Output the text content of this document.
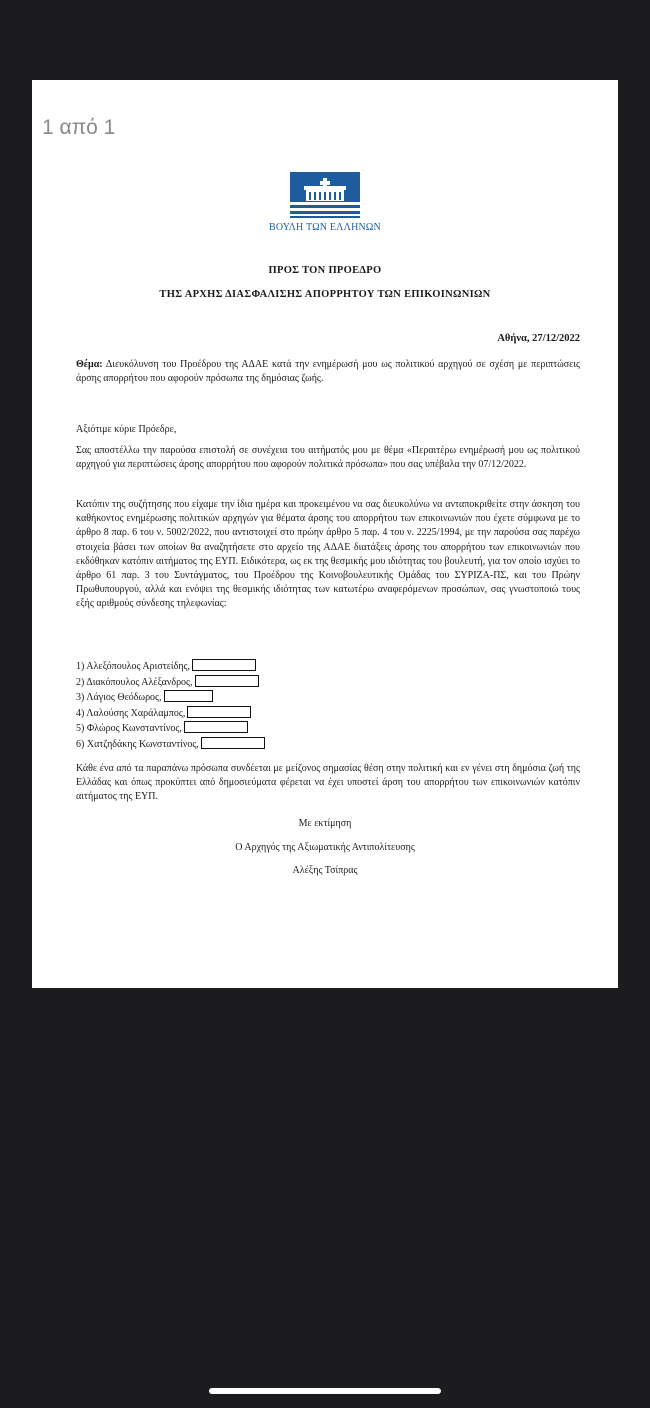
1 από 1
ΒΟΥΛΗ ΤΩΝ ΕΛΛΗΝΩΝ
ΠΡΟΣ ΤΟΝ ΠΡΟΕΔΡΟ
ΤΗΣ ΑΡΧΗΣ ΔΙΑΣΦΑΛΙΣΗΣ ΑΠΟΡΡΗΤΟΥ ΤΩΝ ΕΠΙΚΟΙΝΩΝΙΩΝ
Αθήνα, 27/12/2022
Θέμα: Διευκόλυνση του Προέδρου της ΑΔΑΕ κατά την ενημέρωσή μου ως πολιτικού αρχηγού σε σχέση με περιπτώσεις άρσης απορρήτου που αφορούν πρόσωπα της δημόσιας ζωής.
Αξιότιμε κύριε Πρόεδρε,
Σας αποστέλλω την παρούσα επιστολή σε συνέχεια του αιτήματός μου με θέμα «Περαιτέρω ενημέρωσή μου ως πολιτικού αρχηγού για περιπτώσεις άρσης απορρήτου που αφορούν πολιτικά πρόσωπα» που σας υπέβαλα την 07/12/2022.
Κατόπιν της συζήτησης που είχαμε την ίδια ημέρα και προκειμένου να σας διευκολύνω να ανταποκριθείτε στην άσκηση του καθήκοντος ενημέρωσης πολιτικών αρχηγών για θέματα άρσης του απορρήτου των επικοινωνιών που έχετε σύμφωνα με το άρθρο 8 παρ. 6 του ν. 5002/2022, που αντιστοιχεί στο πρώην άρθρο 5 παρ. 4 του ν. 2225/1994, με την παρούσα σας παρέχω στοιχεία βάσει των οποίων θα αναζητήσετε στο αρχείο της ΑΔΑΕ διατάξεις άρσης του απορρήτου των επικοινωνιών που εκδόθηκαν κατόπιν αιτήματος της ΕΥΠ. Ειδικότερα, ως εκ της θεσμικής μου ιδιότητας του βουλευτή, για τον οποίο ισχύει το άρθρο 61 παρ. 3 του Συντάγματος, του Προέδρου της Κοινοβουλευτικής Ομάδας του ΣΥΡΙΖΑ-ΠΣ, και του Πρώην Πρωθυπουργού, αλλά και ενόψει της θεσμικής ιδιότητας των κατωτέρω αναφερόμενων προσώπων, σας γνωστοποιώ τους εξής αριθμούς σύνδεσης τηλεφωνίας:
1) Αλεξόπουλος Αριστείδης,
2) Διακόπουλος Αλέξανδρος,
3) Λάγιος Θεόδωρος,
4) Λαλούσης Χαράλαμπος,
5) Φλώρος Κωνσταντίνος,
6) Χατζηδάκης Κωνσταντίνος,
Κάθε ένα από τα παραπάνω πρόσωπα συνδέεται με μείζονος σημασίας θέση στην πολιτική και εν γένει στη δημόσια ζωή της Ελλάδας και όπως προκύπτει από δημοσιεύματα φέρεται να έχει υποστεί άρση του απορρήτου των επικοινωνιών κατόπιν αιτήματος της ΕΥΠ.
Με εκτίμηση
Ο Αρχηγός της Αξιωματικής Αντιπολίτευσης
Αλέξης Τσίπρας
